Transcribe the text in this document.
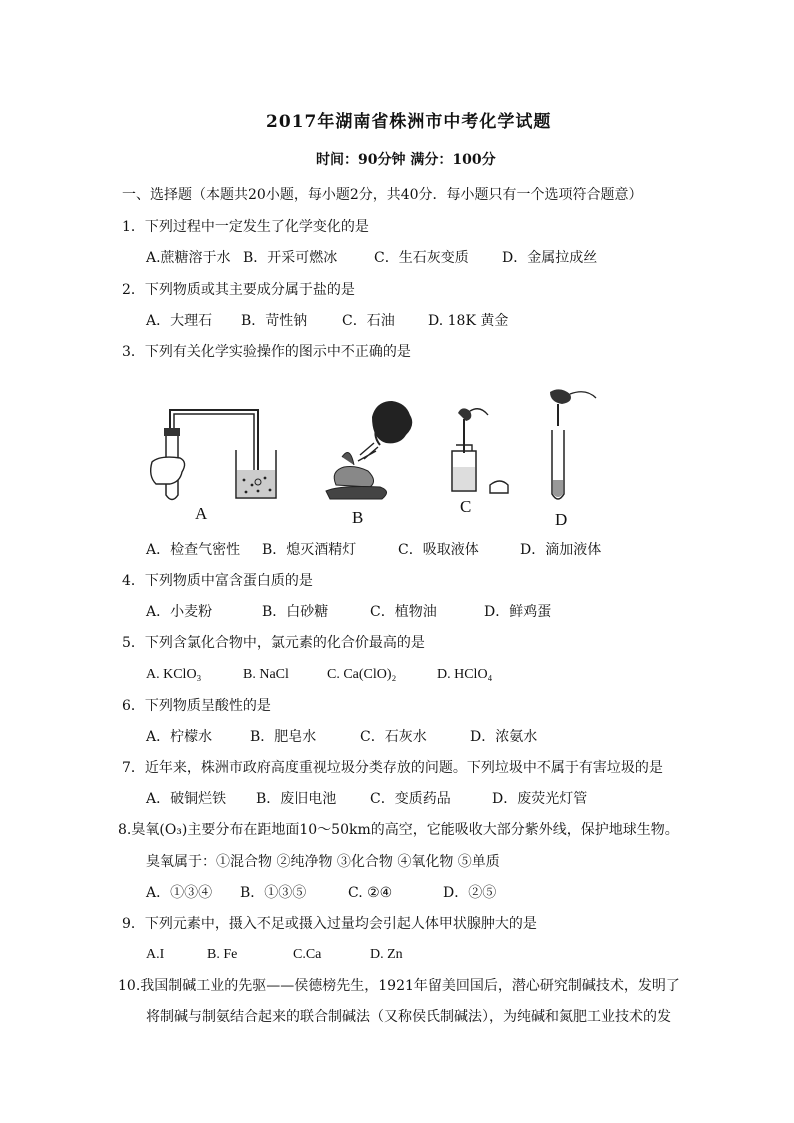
2017年湖南省株洲市中考化学试题
时间：90分钟 满分：100分
一、选择题（本题共20小题，每小题2分，共40分．每小题只有一个选项符合题意）
1．下列过程中一定发生了化学变化的是
A.蔗糖溶于水 B．开采可燃冰	C．生石灰变质 D．金属拉成丝
2．下列物质或其主要成分属于盐的是
A．大理石 B．苛性钠 C．石油 D. 18K 黄金
3．下列有关化学实验操作的图示中不正确的是
A	B
C
D
A．检查气密性 B．熄灭酒精灯	C．吸取液体	D．滴加液体
4．下列物质中富含蛋白质的是
A．小麦粉	B．白砂糖	C．植物油	D．鲜鸡蛋
5．下列含氯化合物中，氯元素的化合价最高的是
A. KClO₃	B. NaCl	C. Ca(ClO)₂	D. HClO₄
6．下列物质呈酸性的是
A．柠檬水	B．肥皂水	C．石灰水	D．浓氨水
7．近年来，株洲市政府高度重视垃圾分类存放的问题。下列垃圾中不属于有害垃圾的是
A．破铜烂铁 B．废旧电池 C．变质药品	D．废荧光灯管
8.臭氧(O₃)主要分布在距地面10～50km的高空，它能吸收大部分紫外线，保护地球生物。
臭氧属于：①混合物 ②纯净物 ③化合物 ④氧化物 ⑤单质
A．①③④ B．①③⑤	C. ②④	D．②⑤
9．下列元素中，摄入不足或摄入过量均会引起人体甲状腺肿大的是
A.I	B. Fe	C.Ca	D. Zn
10.我国制碱工业的先驱——侯德榜先生，1921年留美回国后，潜心研究制碱技术，发明了
将制碱与制氨结合起来的联合制碱法（又称侯氏制碱法），为纯碱和氮肥工业技术的发
